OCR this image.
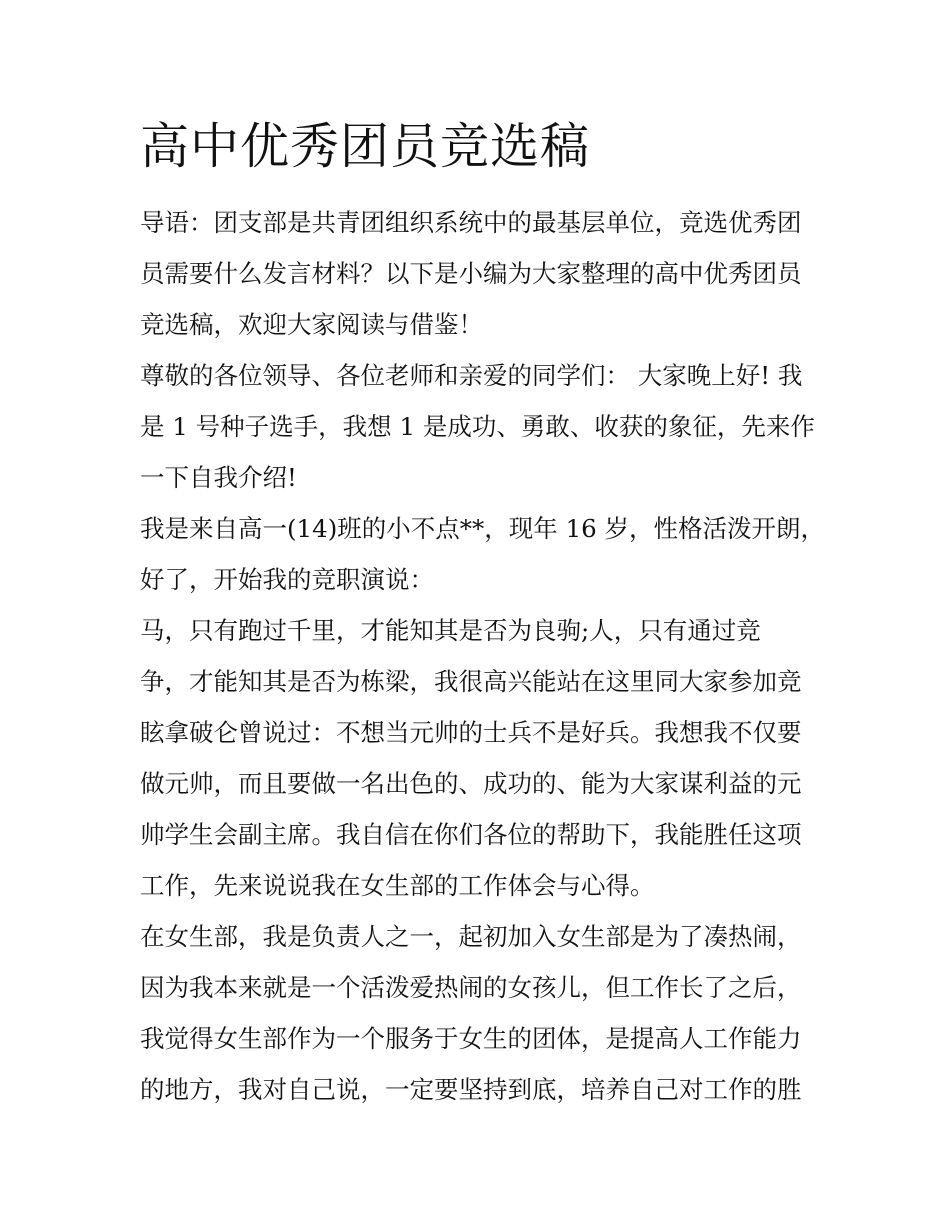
高中优秀团员竞选稿

导语：团支部是共青团组织系统中的最基层单位，竞选优秀团

员需要什么发言材料？以下是小编为大家整理的高中优秀团员

竞选稿，欢迎大家阅读与借鉴！

尊敬的各位领导、各位老师和亲爱的同学们： 大家晚上好! 我

是 1 号种子选手，我想 1 是成功、勇敢、收获的象征，先来作

一下自我介绍!

我是来自高一(14)班的小不点**，现年 16 岁，性格活泼开朗，

好了，开始我的竞职演说：

马，只有跑过千里，才能知其是否为良驹;人，只有通过竞

争，才能知其是否为栋梁，我很高兴能站在这里同大家参加竞

眩拿破仑曾说过：不想当元帅的士兵不是好兵。我想我不仅要

做元帅，而且要做一名出色的、成功的、能为大家谋利益的元

帅学生会副主席。我自信在你们各位的帮助下，我能胜任这项

工作，先来说说我在女生部的工作体会与心得。

在女生部，我是负责人之一，起初加入女生部是为了凑热闹，

因为我本来就是一个活泼爱热闹的女孩儿，但工作长了之后，

我觉得女生部作为一个服务于女生的团体，是提高人工作能力

的地方，我对自己说，一定要坚持到底，培养自己对工作的胜
